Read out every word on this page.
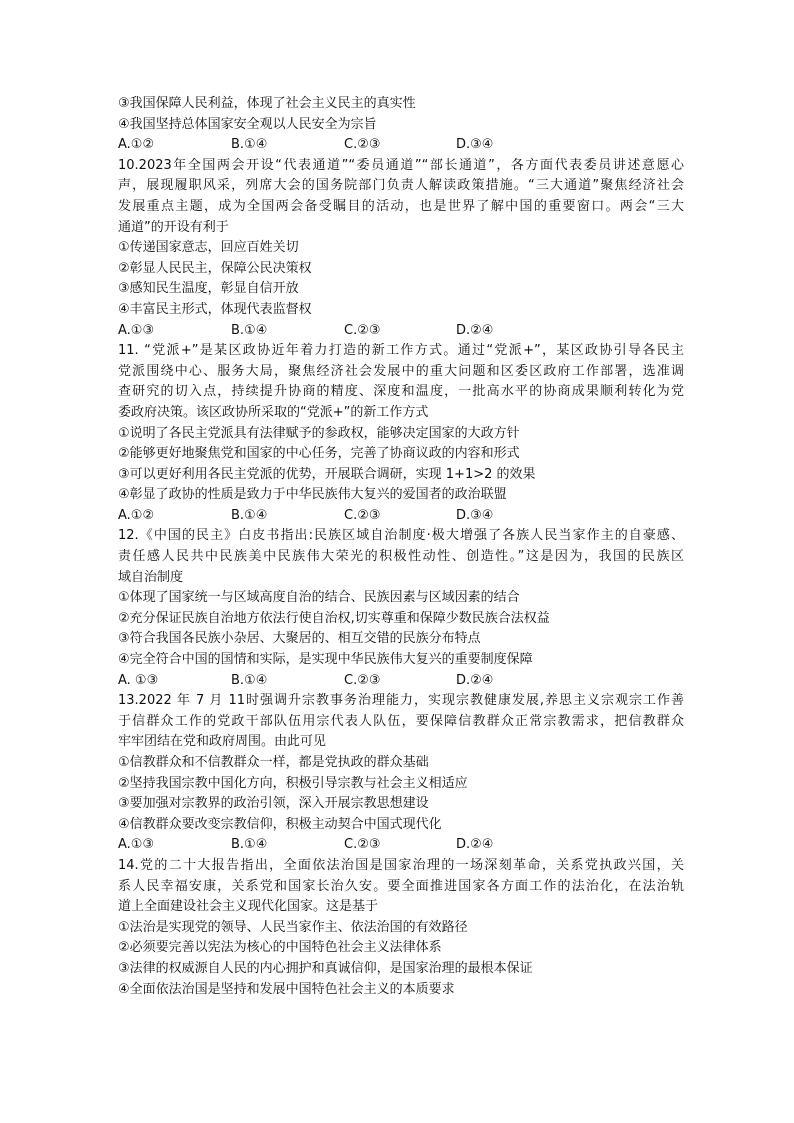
③我国保障人民利益，体现了社会主义民主的真实性
④我国坚持总体国家安全观以人民安全为宗旨
A.①②	B.①④	C.②③	D.③④
10.2023年全国两会开设“代表通道”“委员通道”“部长通道”，各方面代表委员讲述意愿心
声，展现履职风采，列席大会的国务院部门负责人解读政策措施。“三大通道”聚焦经济社会
发展重点主题，成为全国两会备受瞩目的活动，也是世界了解中国的重要窗口。两会“三大
通道”的开设有利于
①传递国家意志，回应百姓关切
②彰显人民民主，保障公民决策权
③感知民生温度，彰显自信开放
④丰富民主形式，体现代表监督权
A.①③	B.①④	C.②③	D.②④
11. “党派+”是某区政协近年着力打造的新工作方式。通过“党派+”，某区政协引导各民主
党派围绕中心、服务大局，聚焦经济社会发展中的重大问题和区委区政府工作部署，选准调
查研究的切入点，持续提升协商的精度、深度和温度，一批高水平的协商成果顺利转化为党
委政府决策。该区政协所采取的“党派+”的新工作方式
①说明了各民主党派具有法律赋予的参政权，能够决定国家的大政方针
②能够更好地聚焦党和国家的中心任务，完善了协商议政的内容和形式
③可以更好利用各民主党派的优势，开展联合调研，实现 1+1>2 的效果
④彰显了政协的性质是致力于中华民族伟大复兴的爱国者的政治联盟
A.①②	B.①④	C.②③	D.③④
12.《中国的民主》白皮书指出:民族区域自治制度·极大增强了各族人民当家作主的自豪感、
责任感人民共中民族美中民族伟大荣光的积极性动性、创造性。”这是因为，我国的民族区
域自治制度
①体现了国家统一与区域高度自治的结合、民族因素与区域因素的结合
②充分保证民族自治地方依法行使自治权,切实尊重和保障少数民族合法权益
③符合我国各民族小杂居、大聚居的、相互交错的民族分布特点
④完全符合中国的国情和实际，是实现中华民族伟大复兴的重要制度保障
A. ①③	B.①④	C.②③	D.②④
13.2022 年 7 月 11时强调升宗教事务治理能力，实现宗教健康发展,养思主义宗观宗工作善
于信群众工作的党政干部队伍用宗代表人队伍，要保障信教群众正常宗教需求，把信教群众
牢牢团结在党和政府周围。由此可见
①信教群众和不信教群众一样，都是党执政的群众基础
②坚持我国宗教中国化方向，积极引导宗教与社会主义相适应
③要加强对宗教界的政治引领，深入开展宗教思想建设
④信教群众要改变宗教信仰，积极主动契合中国式现代化
A.①③	B.①④	C.②③	D.②④
14.党的二十大报告指出，全面依法治国是国家治理的一场深刻革命，关系党执政兴国，关
系人民幸福安康，关系党和国家长治久安。要全面推进国家各方面工作的法治化，在法治轨
道上全面建设社会主义现代化国家。这是基于
①法治是实现党的领导、人民当家作主、依法治国的有效路径
②必须要完善以宪法为核心的中国特色社会主义法律体系
③法律的权威源自人民的内心拥护和真诚信仰，是国家治理的最根本保证
④全面依法治国是坚持和发展中国特色社会主义的本质要求
